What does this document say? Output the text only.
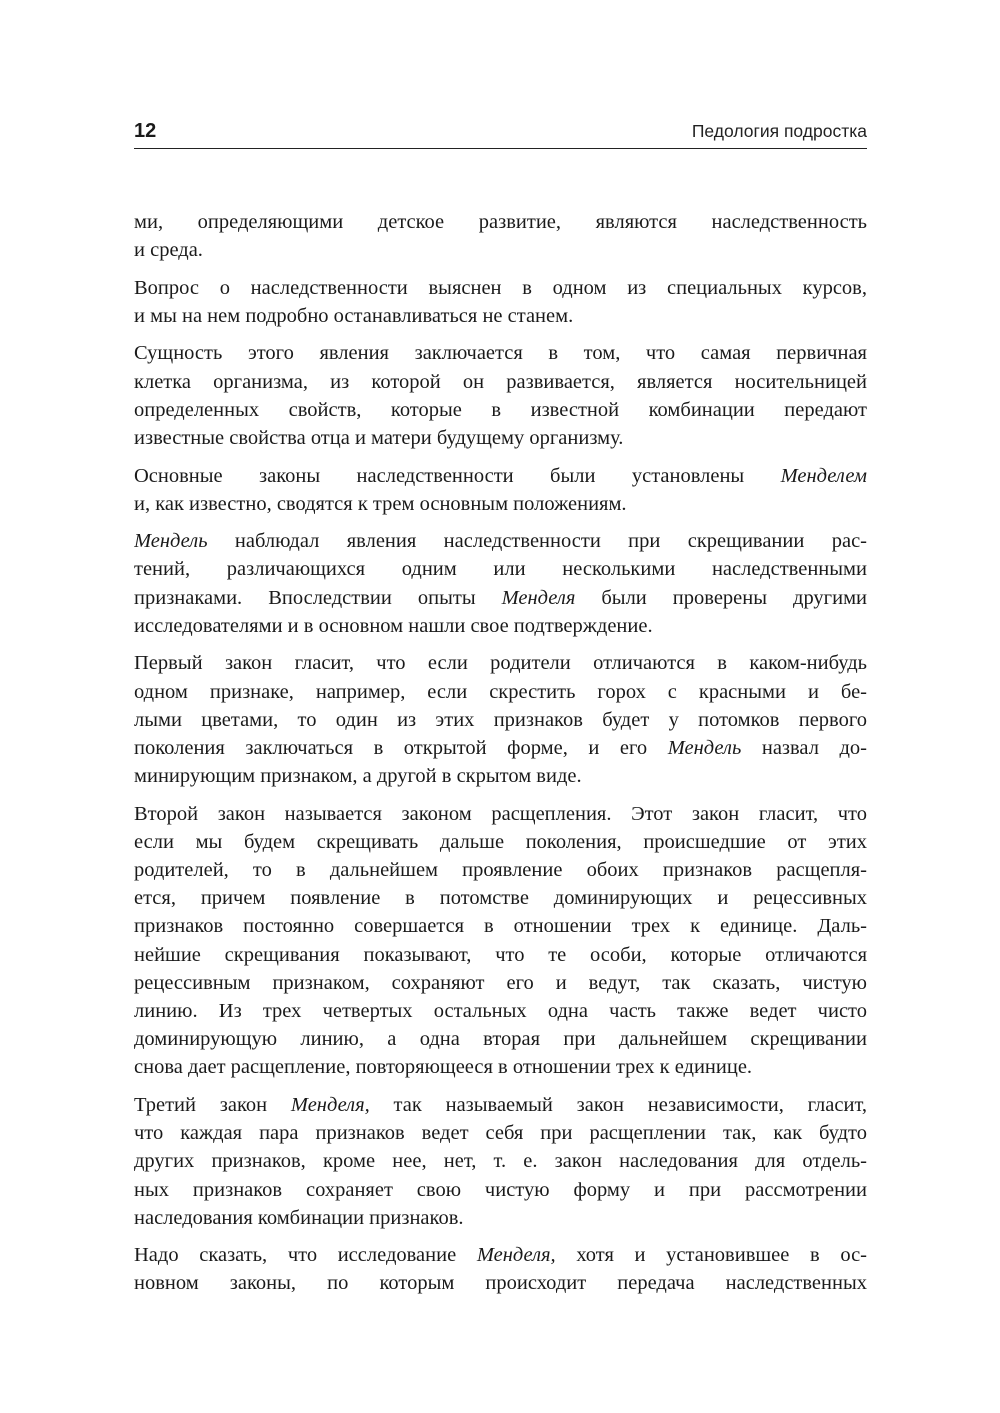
12	Педология подростка

ми, определяющими детское развитие, являются наследственность
и среда.

Вопрос о наследственности выяснен в одном из специальных курсов,
и мы на нем подробно останавливаться не станем.

Сущность этого явления заключается в том, что самая первичная
клетка организма, из которой он развивается, является носительницей
определенных свойств, которые в известной комбинации передают
известные свойства отца и матери будущему организму.

Основные законы наследственности были установлены Менделем
и, как известно, сводятся к трем основным положениям.

Мендель наблюдал явления наследственности при скрещивании рас-
тений, различающихся одним или несколькими наследственными
признаками. Впоследствии опыты Менделя были проверены другими
исследователями и в основном нашли свое подтверждение.

Первый закон гласит, что если родители отличаются в каком-нибудь
одном признаке, например, если скрестить горох с красными и бе-
лыми цветами, то один из этих признаков будет у потомков первого
поколения заключаться в открытой форме, и его Мендель назвал до-
минирующим признаком, а другой в скрытом виде.

Второй закон называется законом расщепления. Этот закон гласит, что
если мы будем скрещивать дальше поколения, происшедшие от этих
родителей, то в дальнейшем проявление обоих признаков расщепля-
ется, причем появление в потомстве доминирующих и рецессивных
признаков постоянно совершается в отношении трех к единице. Даль-
нейшие скрещивания показывают, что те особи, которые отличаются
рецессивным признаком, сохраняют его и ведут, так сказать, чистую
линию. Из трех четвертых остальных одна часть также ведет чисто
доминирующую линию, а одна вторая при дальнейшем скрещивании
снова дает расщепление, повторяющееся в отношении трех к единице.

Третий закон Менделя, так называемый закон независимости, гласит,
что каждая пара признаков ведет себя при расщеплении так, как будто
других признаков, кроме нее, нет, т. е. закон наследования для отдель-
ных признаков сохраняет свою чистую форму и при рассмотрении
наследования комбинации признаков.

Надо сказать, что исследование Менделя, хотя и установившее в ос-
новном законы, по которым происходит передача наследственных
